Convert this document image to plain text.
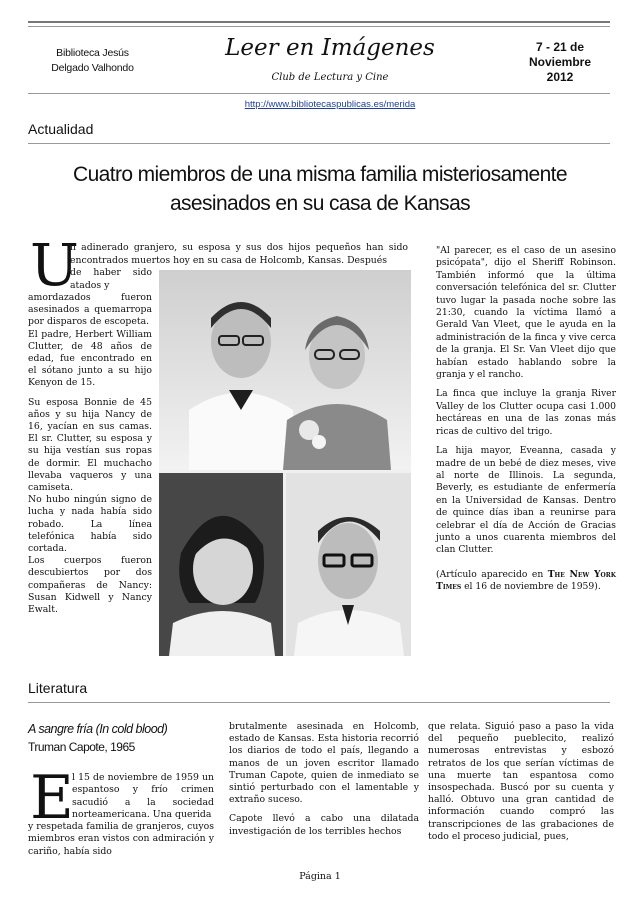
Biblioteca Jesús
Delgado Valhondo
Leer en Imágenes
Club de Lectura y Cine
7 - 21 de
Noviembre
2012
http://www.bibliotecaspublicas.es/merida
Actualidad
Cuatro miembros de una misma familia misteriosamente
asesinados en su casa de Kansas
U
n adinerado granjero, su esposa y sus dos hijos pequeños han sido encontrados muertos hoy en su casa de Holcomb, Kansas. Después
de haber sido atados y

amordazados fueron asesinados a quemarropa por disparos de escopeta.

El padre, Herbert William Clutter, de 48 años de edad, fue encontrado en el sótano junto a su hijo Kenyon de 15.

Su esposa Bonnie de 45 años y su hija Nancy de 16, yacían en sus camas. El sr. Clutter, su esposa y su hija vestían sus ropas de dormir. El muchacho llevaba vaqueros y una camiseta.

No hubo ningún signo de lucha y nada había sido robado. La línea telefónica había sido cortada.

Los cuerpos fueron descubiertos por dos compañeras de Nancy: Susan Kidwell y Nancy Ewalt.

"Al parecer, es el caso de un asesino psicópata", dijo el Sheriff Robinson. También informó que la última conversación telefónica del sr. Clutter tuvo lugar la pasada noche sobre las 21:30, cuando la víctima llamó a Gerald Van Vleet, que le ayuda en la administración de la finca y vive cerca de la granja. El Sr. Van Vleet dijo que habían estado hablando sobre la granja y el rancho.

La finca que incluye la granja River Valley de los Clutter ocupa casi 1.000 hectáreas en una de las zonas más ricas de cultivo del trigo.

La hija mayor, Eveanna, casada y madre de un bebé de diez meses, vive al norte de Illinois. La segunda, Beverly, es estudiante de enfermería en la Universidad de Kansas. Dentro de quince días iban a reunirse para celebrar el día de Acción de Gracias junto a unos cuarenta miembros del clan Clutter.

(Artículo aparecido en The New York Times el 16 de noviembre de 1959).

Literatura
A sangre fría (In cold blood)
Truman Capote, 1965
E
l 15 de noviembre de 1959 un espantoso y frío crimen sacudió a la sociedad norteamericana. Una querida
y respetada familia de granjeros, cuyos miembros eran vistos con admiración y cariño, había sido

brutalmente asesinada en Holcomb, estado de Kansas. Esta historia recorrió los diarios de todo el país, llegando a manos de un joven escritor llamado Truman Capote, quien de inmediato se sintió perturbado con el lamentable y extraño suceso.

Capote llevó a cabo una dilatada investigación de los terribles hechos

que relata. Siguió paso a paso la vida del pequeño pueblecito, realizó numerosas entrevistas y esbozó retratos de los que serían víctimas de una muerte tan espantosa como insospechada. Buscó por su cuenta y halló. Obtuvo una gran cantidad de información cuando compró las transcripciones de las grabaciones de todo el proceso judicial, pues,

Página 1
